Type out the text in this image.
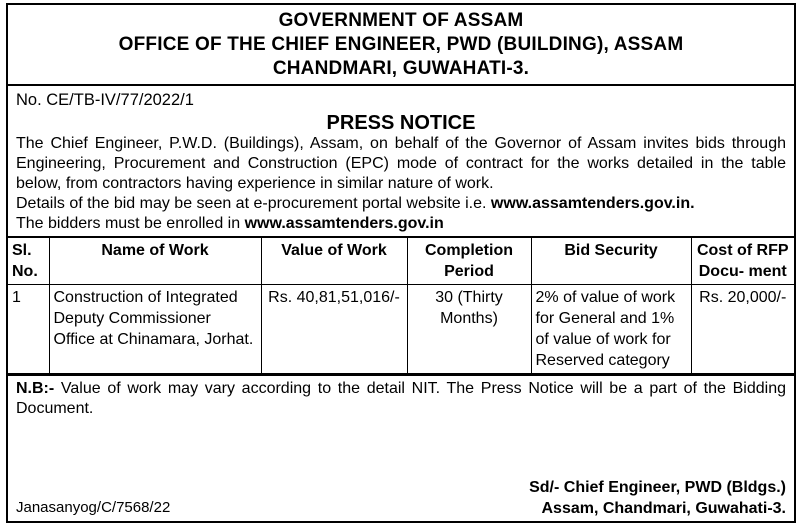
GOVERNMENT OF ASSAM
OFFICE OF THE CHIEF ENGINEER, PWD (BUILDING), ASSAM
CHANDMARI, GUWAHATI-3.
No. CE/TB-IV/77/2022/1
PRESS NOTICE

The Chief Engineer, P.W.D. (Buildings), Assam, on behalf of the Governor of Assam invites bids through Engineering, Procurement and Construction (EPC) mode of contract for the works detailed in the table below, from contractors having experience in similar nature of work.

Details of the bid may be seen at e-procurement portal website i.e. www.assamtenders.gov.in.

The bidders must be enrolled in www.assamtenders.gov.in

Sl. No.	Name of Work	Value of Work	Completion Period	Bid Security	Cost of RFP Docu- ment
1	Construction of Integrated Deputy Commissioner Office at Chinamara, Jorhat.	Rs. 40,81,51,016/-	30 (Thirty Months)	2% of value of work for General and 1% of value of work for Reserved category	Rs. 20,000/-
N.B:- Value of work may vary according to the detail NIT. The Press Notice will be a part of the Bidding Document.
Janasanyog/C/7568/22
Sd/- Chief Engineer, PWD (Bldgs.)
Assam, Chandmari, Guwahati-3.
